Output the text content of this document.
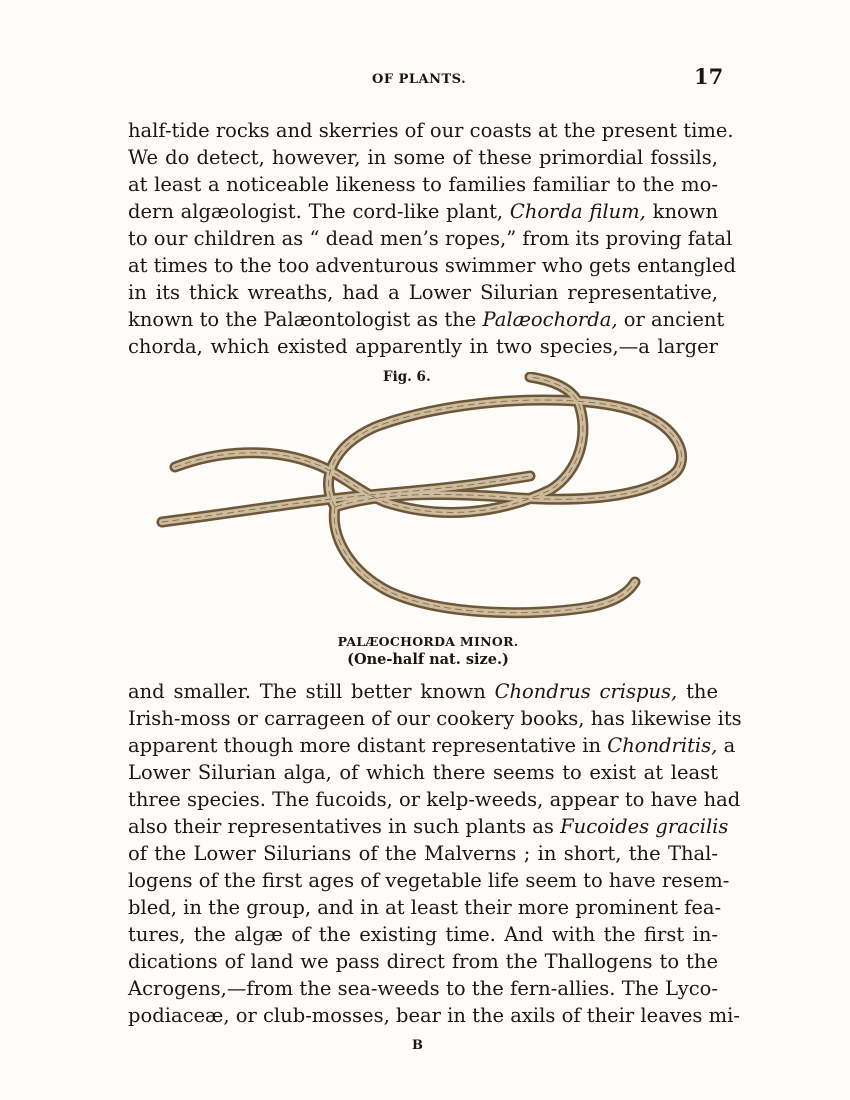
OF PLANTS.	17
half-tide rocks and skerries of our coasts at the present time.
We do detect, however, in some of these primordial fossils,
at least a noticeable likeness to families familiar to the mo-
dern algæologist. The cord-like plant, Chorda filum, known
to our children as “ dead men’s ropes,” from its proving fatal
at times to the too adventurous swimmer who gets entangled
in its thick wreaths, had a Lower Silurian representative,
known to the Palæontologist as the Palæochorda, or ancient
chorda, which existed apparently in two species,—a larger
Fig. 6.
PALÆOCHORDA MINOR.
(One-half nat. size.)
and smaller. The still better known Chondrus crispus, the
Irish-moss or carrageen of our cookery books, has likewise its
apparent though more distant representative in Chondritis, a
Lower Silurian alga, of which there seems to exist at least
three species. The fucoids, or kelp-weeds, appear to have had
also their representatives in such plants as Fucoides gracilis
of the Lower Silurians of the Malverns ; in short, the Thal-
logens of the first ages of vegetable life seem to have resem-
bled, in the group, and in at least their more prominent fea-
tures, the algæ of the existing time. And with the first in-
dications of land we pass direct from the Thallogens to the
Acrogens,—from the sea-weeds to the fern-allies. The Lyco-
podiaceæ, or club-mosses, bear in the axils of their leaves mi-
B
